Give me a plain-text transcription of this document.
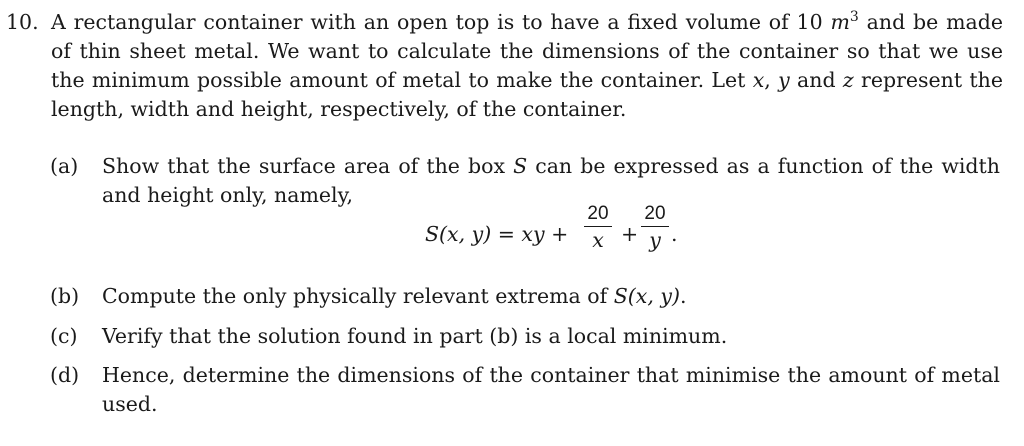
10. A rectangular container with an open top is to have a fixed volume of 10 $m^3$ and be made
of thin sheet metal. We want to calculate the dimensions of the container so that we use
the minimum possible amount of metal to make the container. Let x, y and z represent the
length, width and height, respectively, of the container.
(a) Show that the surface area of the box S can be expressed as a function of the width
and height only, namely,
S(x, y) = xy +
20
x +
20
y .
(b) Compute the only physically relevant extrema of S(x, y).
(c) Verify that the solution found in part (b) is a local minimum.
(d) Hence, determine the dimensions of the container that minimise the amount of metal
used.
